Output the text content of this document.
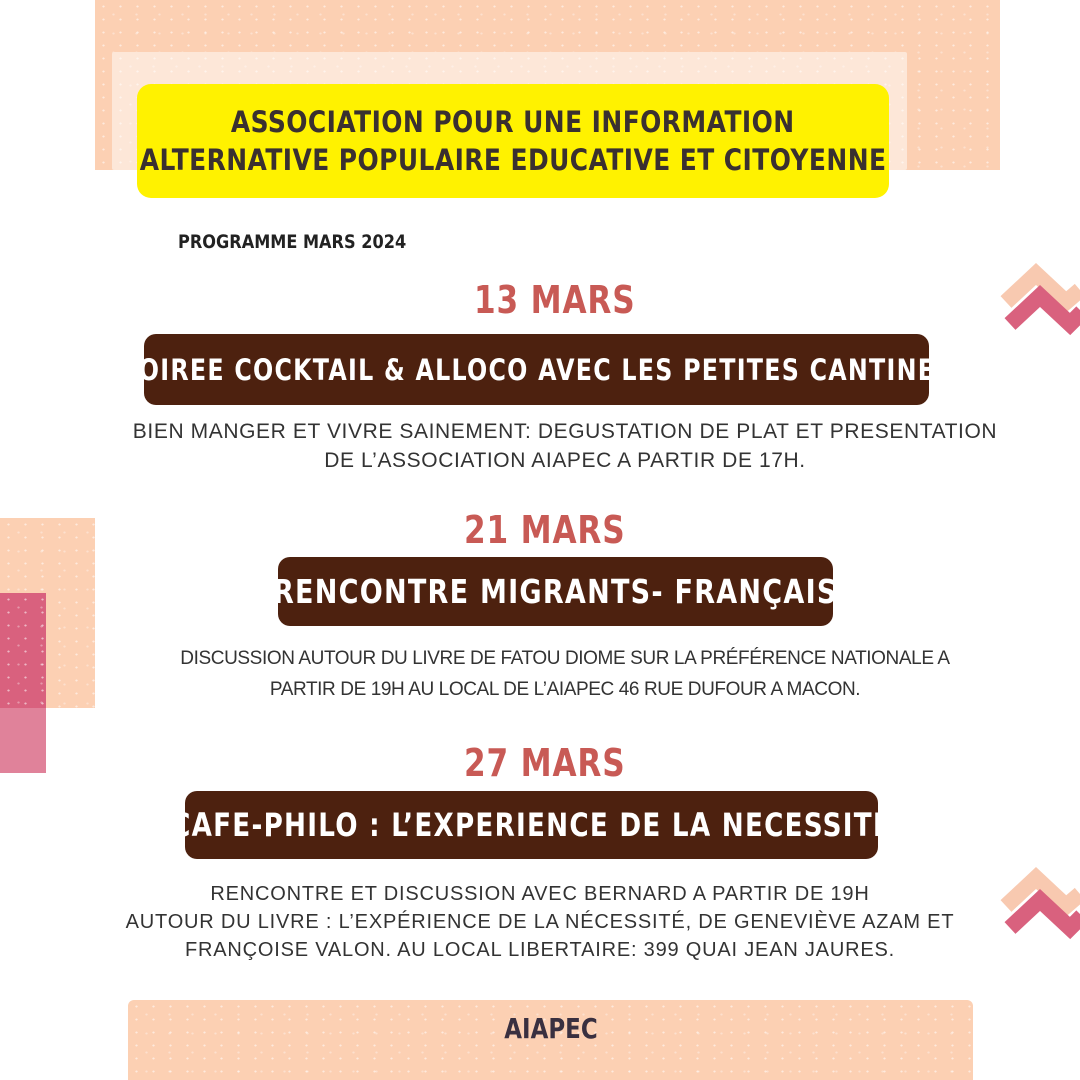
ASSOCIATION POUR UNE INFORMATION
ALTERNATIVE POPULAIRE EDUCATIVE ET CITOYENNE
PROGRAMME MARS 2024
13 MARS
SOIREE COCKTAIL & ALLOCO AVEC LES PETITES CANTINES
BIEN MANGER ET VIVRE SAINEMENT: DEGUSTATION DE PLAT ET PRESENTATION
DE L’ASSOCIATION AIAPEC A PARTIR DE 17H.
21 MARS
RENCONTRE MIGRANTS- FRANÇAIS
DISCUSSION AUTOUR DU LIVRE DE FATOU DIOME SUR LA PRÉFÉRENCE NATIONALE A
PARTIR DE 19H AU LOCAL DE L’AIAPEC 46 RUE DUFOUR A MACON.
27 MARS
CAFE-PHILO : L’EXPERIENCE DE LA NECESSITE
RENCONTRE ET DISCUSSION AVEC BERNARD A PARTIR DE 19H
AUTOUR DU LIVRE : L’EXPÉRIENCE DE LA NÉCESSITÉ, DE GENEVIÈVE AZAM ET
FRANÇOISE VALON. AU LOCAL LIBERTAIRE: 399 QUAI JEAN JAURES.
AIAPEC
